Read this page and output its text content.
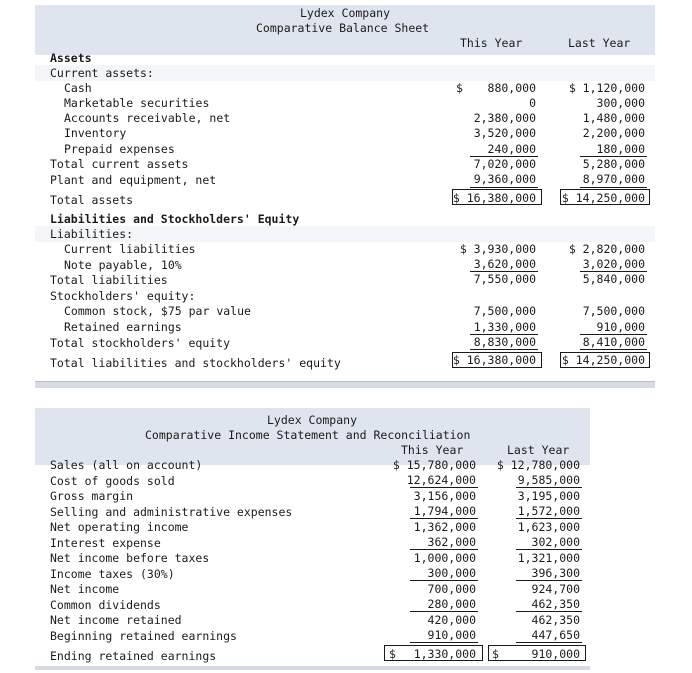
Lydex Company
Comparative Balance Sheet
This Year	Last Year
Assets
Current assets:
Cash	$	880,000	$ 1,120,000
Marketable securities	0	300,000
Accounts receivable, net	2,380,000	1,480,000
Inventory	3,520,000	2,200,000
Prepaid expenses	240,000	180,000
Total current assets	7,020,000	5,280,000
Plant and equipment, net	9,360,000	8,970,000
Total assets	$ 16,380,000	$ 14,250,000
Liabilities and Stockholders' Equity
Liabilities:
Current liabilities	$ 3,930,000	$ 2,820,000
Note payable, 10%	3,620,000	3,020,000
Total liabilities	7,550,000	5,840,000
Stockholders' equity:
Common stock, $75 par value	7,500,000	7,500,000
Retained earnings	1,330,000	910,000
Total stockholders' equity	8,830,000	8,410,000
Total liabilities and stockholders' equity	$ 16,380,000	$ 14,250,000
Lydex Company
Comparative Income Statement and Reconciliation
This Year	Last Year
Sales (all on account)	$ 15,780,000	$ 12,780,000
Cost of goods sold	12,624,000	9,585,000
Gross margin	3,156,000	3,195,000
Selling and administrative expenses	1,794,000	1,572,000
Net operating income	1,362,000	1,623,000
Interest expense	362,000	302,000
Net income before taxes	1,000,000	1,321,000
Income taxes (30%)	300,000	396,300
Net income	700,000	924,700
Common dividends	280,000	462,350
Net income retained	420,000	462,350
Beginning retained earnings	910,000	447,650
Ending retained earnings	$	1,330,000 $	910,000
